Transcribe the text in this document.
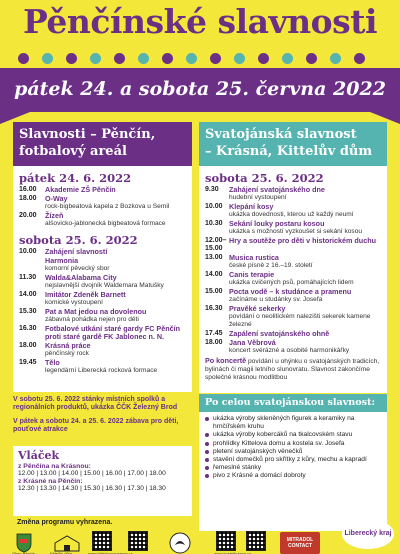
Pěnčínské slavnosti
pátek 24. a sobota 25. června 2022
Slavnosti – Pěnčín,
fotbalový areál
pátek 24. 6. 2022
16.00	Akademie ZŠ Pěnčín
18.00	O-Way
rock-bigbeatová kapela z Bozkova u Semil
20.00	Žízeň
alšovicko-jablonecká bigbeatová formace
sobota 25. 6. 2022
10.00	Zahájení slavností
Harmonia
komorní pěvecký sbor
11.30	Walda&Alabama City
nejslavnější dvojník Waldemara Matušky
14.00	Imitátor Zdeněk Barnett
komické vystoupení
15.30	Pat a Mat jedou na dovolenou
zábavná pohádka nejen pro děti
16.30	Fotbalové utkání staré gardy FC Pěnčín proti staré gardě FK Jablonec n. N.
18.00	Krásná práce
pěnčínský rock
19.45	Tělo
legendární Liberecká rocková formace
Svatojánská slavnost
– Krásná, Kittelův dům
sobota 25. 6. 2022
9.30	Zahájení svatojánského dne
hudební vystoupení
10.00 Klepání kosy
ukázka dovednosti, kterou už každý neumí
10.30 Sekání louky postaru kosou
ukázka s možností vyzkoušet si sekání kosou
12.00–15.00
Hry a soutěže pro děti v historickém duchu
13.00 Musica rustica
české písně z 16.–19. století
14.00 Canis terapie
ukázka cvičených psů, pomáhajících lidem
15.00 Pocta vodě – k studánce a pramenu
začínáme u studánky sv. Josefa
16.30 Pravěké sekerky
povídání o neolitickém nalezišti sekerek kamene železné
17.45 Zapálení svatojánského ohně
18.00 Jana Věbrová
koncert svérázné a osobité harmonikářky
Po koncertě povídání u ohýnku o svatojánských tradicích, bylinách či magii letního slunovratu. Slavnost zakončíme společné krásnou modlitbou

V sobotu 25. 6. 2022 stánky místních spolků a regionálních produktů, ukázka ČČK Železný Brod

V pátek a sobotu 24. a 25. 6. 2022 zábava pro děti, pouťové atrakce

Vláček
z Pěnčína na Krásnou:
12.00 | 13.00 | 14.00 | 15.00 | 16.00 | 17.00 | 18.00
z Krásné na Pěnčín:
12.30 | 13.30 | 14.30 | 15.30 | 16.30 | 17.30 | 18.30
Změna programu vyhrazena.
Po celou svatojánskou slavnost:
ukázka výroby skleněných figurek a keramiky na hrnčířském kruhu
ukázka výroby kobercáků na tkalcovském stavu
prohlídky Kittelova domu a kostela sv. Josefa
pletení svatojánských věnečků
stavění domečků pro skřítky z kůry, mechu a kapradí
řemeslné stánky
pivo z Krásné a domácí dobroty
MITRADOL CONTACT
Obec Pěnčín	Kittelův dům	www.kittelovomuzeum.cz	www.kostelkrasna.cz
Liberecký kraj
